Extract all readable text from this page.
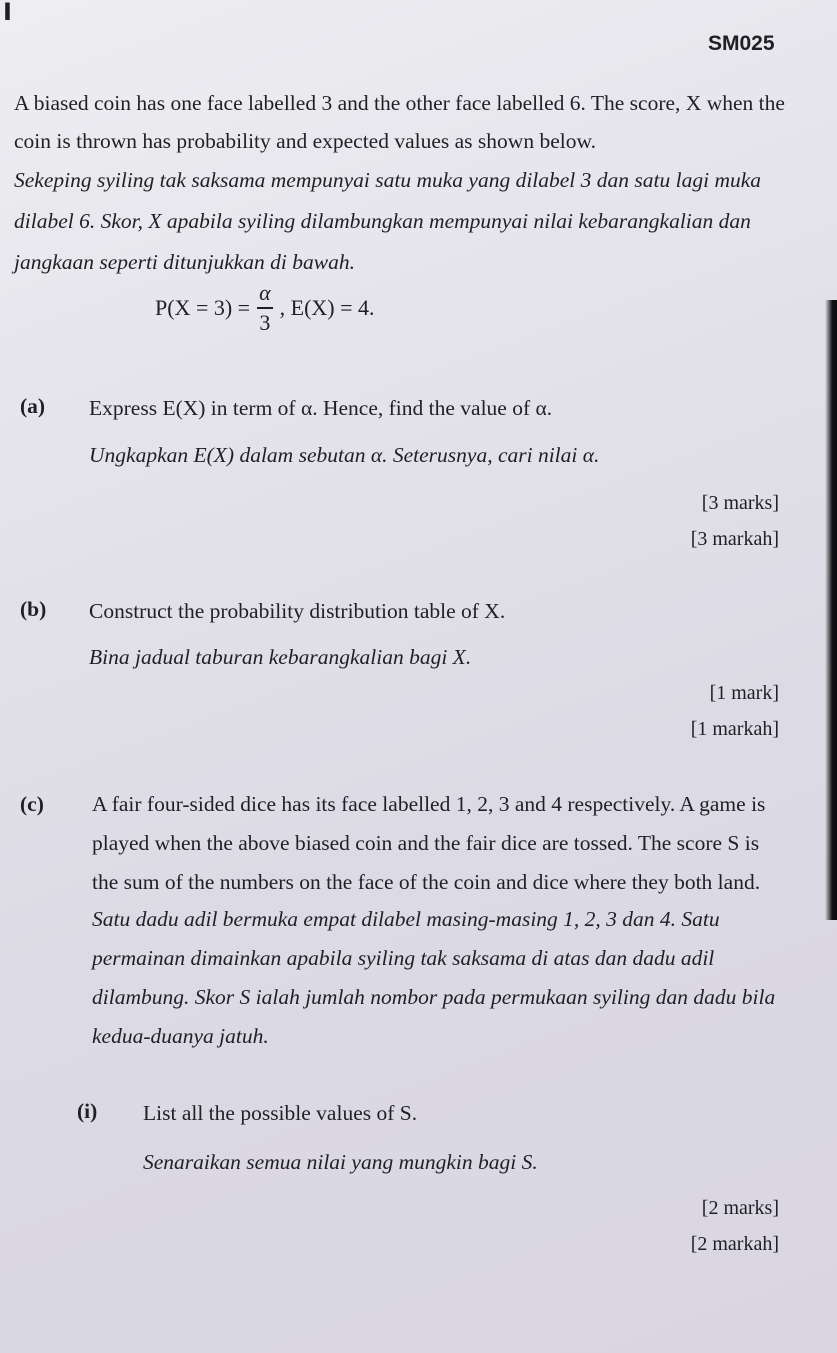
I
SM025

A biased coin has one face labelled 3 and the other face labelled 6. The score, X when the coin is thrown has probability and expected values as shown below.

Sekeping syiling tak saksama mempunyai satu muka yang dilabel 3 dan satu lagi muka dilabel 6. Skor, X apabila syiling dilambungkan mempunyai nilai kebarangkalian dan jangkaan seperti ditunjukkan di bawah.

$P(X = 3) = \frac{\alpha}{3}$ , E(X) = 4.
(a) Express E(X) in term of α. Hence, find the value of α.
Ungkapkan E(X) dalam sebutan α. Seterusnya, cari nilai α.
[3 marks]
[3 markah]
(b) Construct the probability distribution table of X.
Bina jadual taburan kebarangkalian bagi X.
[1 mark]
[1 markah]
(c) A fair four-sided dice has its face labelled 1, 2, 3 and 4 respectively. A game is played when the above biased coin and the fair dice are tossed. The score S is the sum of the numbers on the face of the coin and dice where they both land.

Satu dadu adil bermuka empat dilabel masing-masing 1, 2, 3 dan 4. Satu permainan dimainkan apabila syiling tak saksama di atas dan dadu adil dilambung. Skor S ialah jumlah nombor pada permukaan syiling dan dadu bila kedua-duanya jatuh.

(i) List all the possible values of S.
Senaraikan semua nilai yang mungkin bagi S.
[2 marks]
[2 markah]
